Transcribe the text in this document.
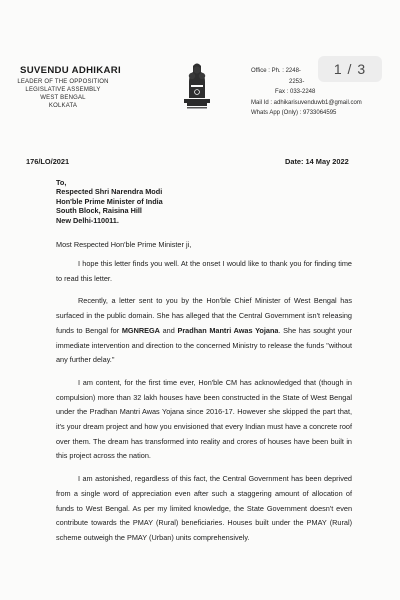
SUVENDU ADHIKARI
LEADER OF THE OPPOSITION
LEGISLATIVE ASSEMBLY
WEST BENGAL
KOLKATA
Office : Ph. : 2248-
2253-
Fax : 033-2248
Mail Id : adhikarisuvenduwb1@gmail.com
Whats App (Only) : 9733064595
1 / 3
176/LO/2021	Date: 14 May 2022
To,
Respected Shri Narendra Modi
Hon'ble Prime Minister of India
South Block, Raisina Hill
New Delhi-110011.
Most Respected Hon'ble Prime Minister ji,

I hope this letter finds you well. At the onset I would like to thank you for finding time to read this letter.

Recently, a letter sent to you by the Hon'ble Chief Minister of West Bengal has surfaced in the public domain. She has alleged that the Central Government isn't releasing funds to Bengal for MGNREGA and Pradhan Mantri Awas Yojana. She has sought your immediate intervention and direction to the concerned Ministry to release the funds "without any further delay."

I am content, for the first time ever, Hon'ble CM has acknowledged that (though in compulsion) more than 32 lakh houses have been constructed in the State of West Bengal under the Pradhan Mantri Awas Yojana since 2016-17. However she skipped the part that, it's your dream project and how you envisioned that every Indian must have a concrete roof over them. The dream has transformed into reality and crores of houses have been built in this project across the nation.

I am astonished, regardless of this fact, the Central Government has been deprived from a single word of appreciation even after such a staggering amount of allocation of funds to West Bengal. As per my limited knowledge, the State Government doesn't even contribute towards the PMAY (Rural) beneficiaries. Houses built under the PMAY (Rural) scheme outweigh the PMAY (Urban) units comprehensively.
